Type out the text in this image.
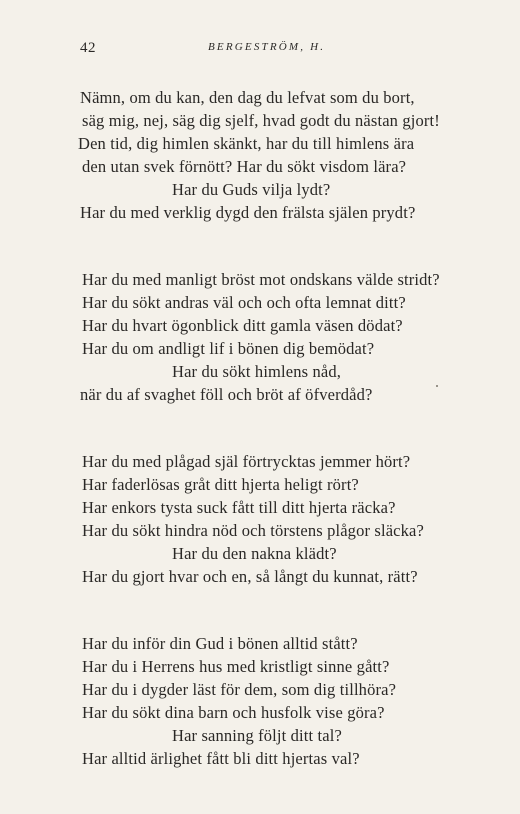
42	BERGESTRÖM, H.
Nämn, om du kan, den dag du lefvat som du bort,
säg mig, nej, säg dig sjelf, hvad godt du nästan gjort!
Den tid, dig himlen skänkt, har du till himlens ära
den utan svek förnött? Har du sökt visdom lära?
Har du Guds vilja lydt?
Har du med verklig dygd den frälsta själen prydt?
Har du med manligt bröst mot ondskans välde stridt?
Har du sökt andras väl och och ofta lemnat ditt?
Har du hvart ögonblick ditt gamla väsen dödat?
Har du om andligt lif i bönen dig bemödat?
Har du sökt himlens nåd,
när du af svaghet föll och bröt af öfverdåd?
Har du med plågad själ förtrycktas jemmer hört?
Har faderlösas gråt ditt hjerta heligt rört?
Har enkors tysta suck fått till ditt hjerta räcka?
Har du sökt hindra nöd och törstens plågor släcka?
Har du den nakna klädt?
Har du gjort hvar och en, så långt du kunnat, rätt?
Har du inför din Gud i bönen alltid stått?
Har du i Herrens hus med kristligt sinne gått?
Har du i dygder läst för dem, som dig tillhöra?
Har du sökt dina barn och husfolk vise göra?
Har sanning följt ditt tal?
Har alltid ärlighet fått bli ditt hjertas val?
